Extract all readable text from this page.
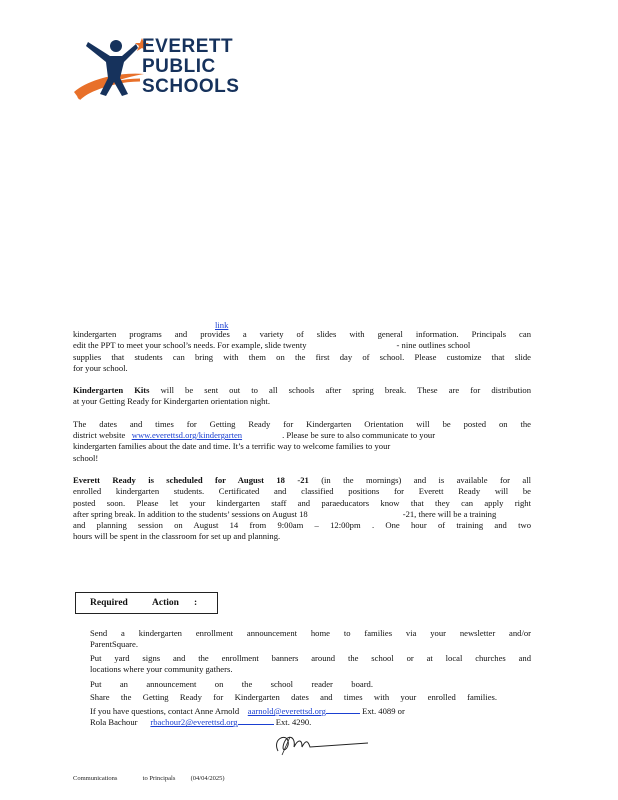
EVERETT
PUBLIC
SCHOOLS
link

kindergarten programs and provides a variety of slides with general information. Principals can

edit the PPT to meet your school’s needs. For example, slide twenty	- nine outlines school

supplies that students can bring with them on the first day of school. Please customize that slide

for your school.

Kindergarten Kits will be sent out to all schools after spring break. These are for distribution

at your Getting Ready for Kindergarten orientation night.

The dates and times for Getting Ready for Kindergarten Orientation will be posted on the

district website www.everettsd.org/kindergarten	. Please be sure to also communicate to your

kindergarten families about the date and time. It’s a terrific way to welcome families to your

school!

Everett Ready is scheduled for August 18 -21 (in the mornings) and is available for all

enrolled kindergarten students. Certificated and classified positions for Everett Ready will be

posted soon. Please let your kindergarten staff and paraeducators know that they can apply right

after spring break. In addition to the students’ sessions on August 18	-21, there will be a training

and planning session on August 14 from 9:00am – 12:00pm . One hour of training and two

hours will be spent in the classroom for set up and planning.

Required	Action :
Send a kindergarten enrollment announcement home to families via your newsletter and/or
ParentSquare.
Put yard signs and the enrollment banners around the school or at local churches and
locations where your community gathers.
Put an announcement on the school reader board.
Share the Getting Ready for Kindergarten dates and times with your enrolled families.
If you have questions, contact Anne Arnold aarnold@everettsd.org	Ext. 4089 or
Rola Bachour rbachour2@everettsd.org	Ext. 4290.
Communications	to Principals (04/04/2025)
